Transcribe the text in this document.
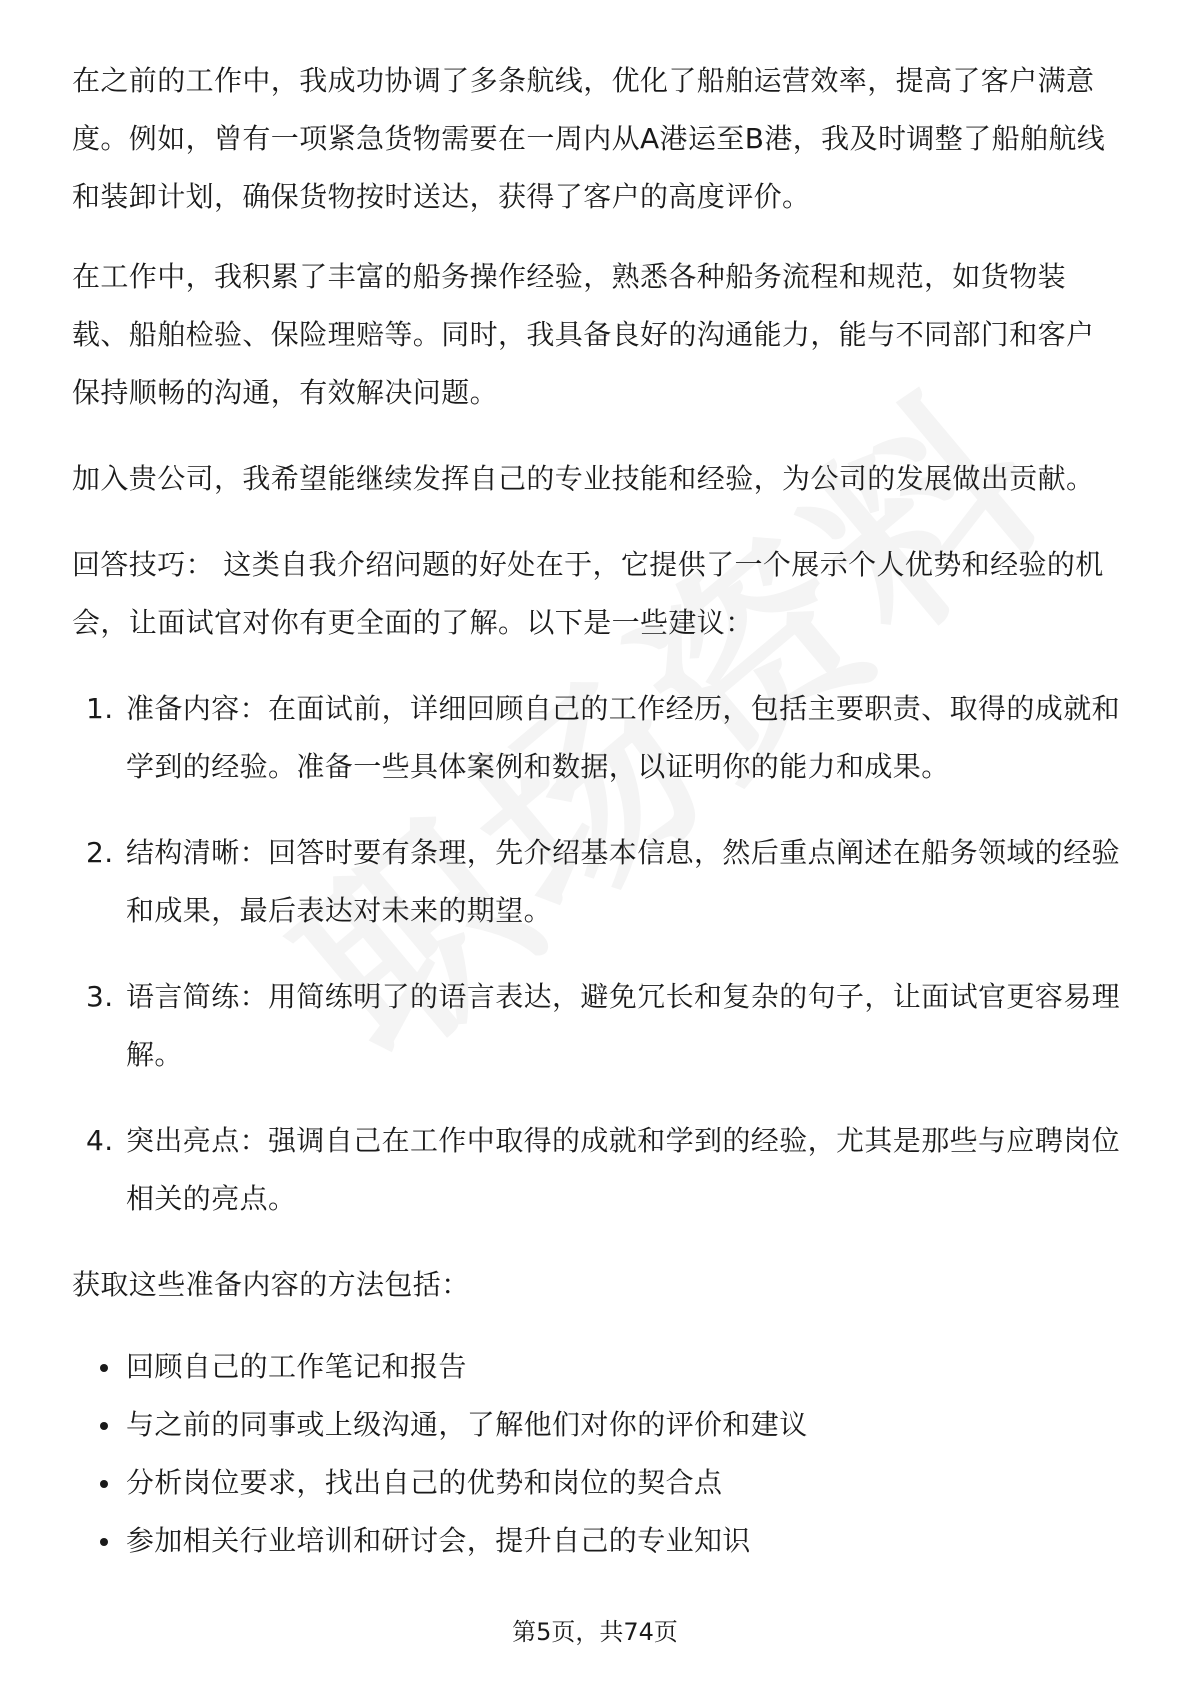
在之前的工作中，我成功协调了多条航线，优化了船舶运营效率，提高了客户满意度。例如，曾有一项紧急货物需要在一周内从A港运至B港，我及时调整了船舶航线和装卸计划，确保货物按时送达，获得了客户的高度评价。

在工作中，我积累了丰富的船务操作经验，熟悉各种船务流程和规范，如货物装载、船舶检验、保险理赔等。同时，我具备良好的沟通能力，能与不同部门和客户保持顺畅的沟通，有效解决问题。

加入贵公司，我希望能继续发挥自己的专业技能和经验，为公司的发展做出贡献。

回答技巧： 这类自我介绍问题的好处在于，它提供了一个展示个人优势和经验的机会，让面试官对你有更全面的了解。以下是一些建议：

1. 准备内容：在面试前，详细回顾自己的工作经历，包括主要职责、取得的成就和学到的经验。准备一些具体案例和数据，以证明你的能力和成果。
2. 结构清晰：回答时要有条理，先介绍基本信息，然后重点阐述在船务领域的经验和成果，最后表达对未来的期望。
3. 语言简练：用简练明了的语言表达，避免冗长和复杂的句子，让面试官更容易理解。
4. 突出亮点：强调自己在工作中取得的成就和学到的经验，尤其是那些与应聘岗位相关的亮点。

获取这些准备内容的方法包括：

回顾自己的工作笔记和报告
与之前的同事或上级沟通，了解他们对你的评价和建议
分析岗位要求，找出自己的优势和岗位的契合点
参加相关行业培训和研讨会，提升自己的专业知识
第5页，共74页
